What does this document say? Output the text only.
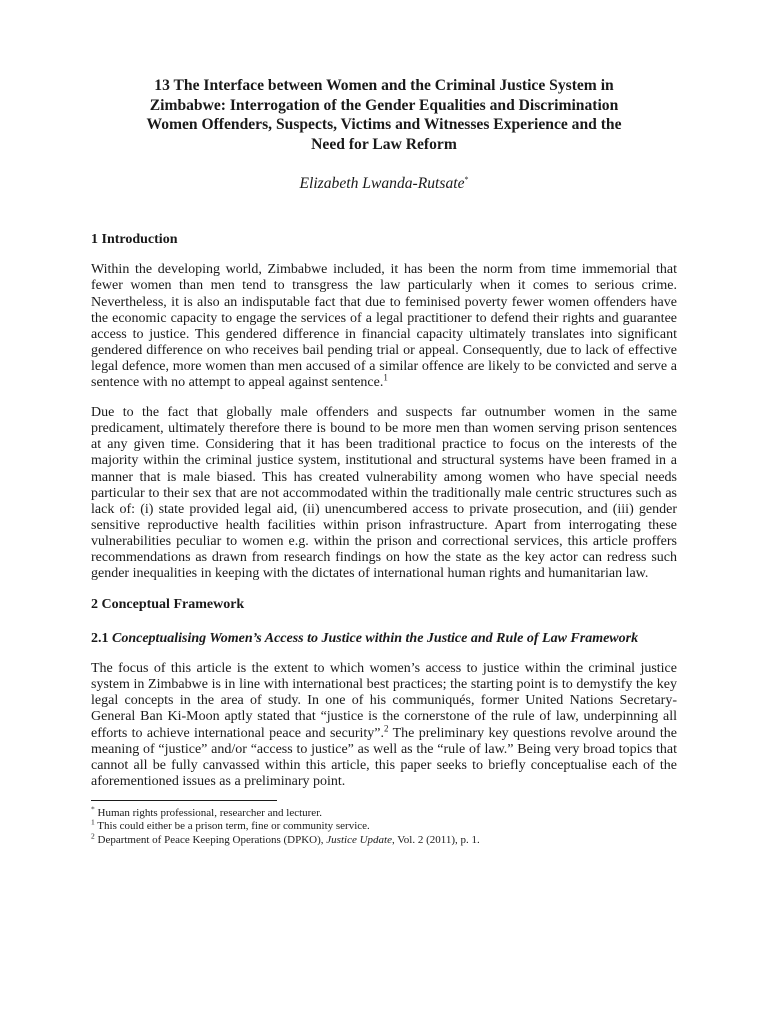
13 The Interface between Women and the Criminal Justice System in
Zimbabwe: Interrogation of the Gender Equalities and Discrimination
Women Offenders, Suspects, Victims and Witnesses Experience and the
Need for Law Reform
Elizabeth Lwanda-Rutsate*
1 Introduction

Within the developing world, Zimbabwe included, it has been the norm from time immemorial that fewer women than men tend to transgress the law particularly when it comes to serious crime. Nevertheless, it is also an indisputable fact that due to feminised poverty fewer women offenders have the economic capacity to engage the services of a legal practitioner to defend their rights and guarantee access to justice. This gendered difference in financial capacity ultimately translates into significant gendered difference on who receives bail pending trial or appeal. Consequently, due to lack of effective legal defence, more women than men accused of a similar offence are likely to be convicted and serve a sentence with no attempt to appeal against sentence.$^1$

Due to the fact that globally male offenders and suspects far outnumber women in the same predicament, ultimately therefore there is bound to be more men than women serving prison sentences at any given time. Considering that it has been traditional practice to focus on the interests of the majority within the criminal justice system, institutional and structural systems have been framed in a manner that is male biased. This has created vulnerability among women who have special needs particular to their sex that are not accommodated within the traditionally male centric structures such as lack of: (i) state provided legal aid, (ii) unencumbered access to private prosecution, and (iii) gender sensitive reproductive health facilities within prison infrastructure. Apart from interrogating these vulnerabilities peculiar to women e.g. within the prison and correctional services, this article proffers recommendations as drawn from research findings on how the state as the key actor can redress such gender inequalities in keeping with the dictates of international human rights and humanitarian law.

2 Conceptual Framework
2.1 Conceptualising Women’s Access to Justice within the Justice and Rule of Law Framework

The focus of this article is the extent to which women’s access to justice within the criminal justice system in Zimbabwe is in line with international best practices; the starting point is to demystify the key legal concepts in the area of study. In one of his communiqués, former United Nations Secretary-General Ban Ki-Moon aptly stated that “justice is the cornerstone of the rule of law, underpinning all efforts to achieve international peace and security”.$^2$ The preliminary key questions revolve around the meaning of “justice” and/or “access to justice” as well as the “rule of law.” Being very broad topics that cannot all be fully canvassed within this article, this paper seeks to briefly conceptualise each of the aforementioned issues as a preliminary point.

* Human rights professional, researcher and lecturer.

$^1$ This could either be a prison term, fine or community service.

$^2$ Department of Peace Keeping Operations (DPKO), Justice Update, Vol. 2 (2011), p. 1.
